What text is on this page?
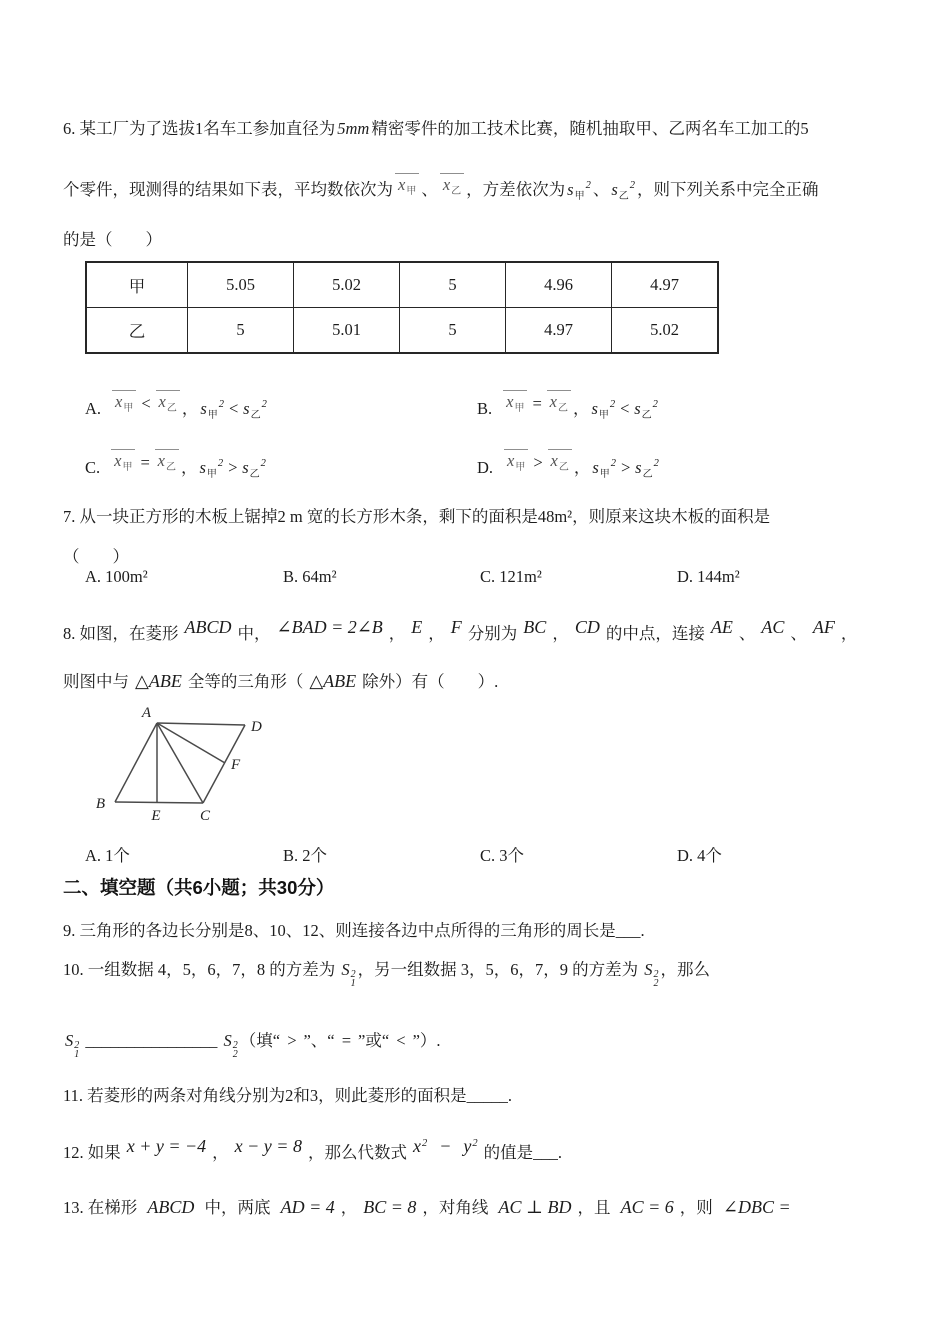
6. 某工厂为了选拔1名车工参加直径为 5mm 精密零件的加工技术比赛，随机抽取甲、乙两名车工加工的5
个零件，现测得的结果如下表，平均数依次为 $x_甲$ 、 $x_乙$ ，方差依次为 $s_甲^2$ 、 $s_乙^2$ ，则下列关系中完全正确
的是（　　）
甲	5.05	5.02	5	4.96	4.97
乙	5	5.01	5	4.97	5.02
A. $x_甲 < x_乙$ ， $s_甲^2 < s_乙^2$	B. $x_甲 = x_乙$ ， $s_甲^2 < s_乙^2$
C. $x_甲 = x_乙$ ， $s_甲^2 > s_乙^2$	D. $x_甲 > x_乙$ ， $s_甲^2 > s_乙^2$
7. 从一块正方形的木板上锯掉2 m 宽的长方形木条，剩下的面积是48m²，则原来这块木板的面积是
（　　）
A. 100m²	B. 64m²	C. 121m²	D. 144m²
8. 如图，在菱形 ABCD 中， ∠BAD = 2∠B ， E ， F 分别为 BC ， CD 的中点，连接 AE 、 AC 、 AF ，
则图中与 △ABE 全等的三角形（ △ABE 除外）有（　　）.
A
B
C
D
E
F
A. 1个	B. 2个	C. 3个	D. 4个
二、填空题（共6小题；共30分）
9. 三角形的各边长分别是8、10、12、则连接各边中点所得的三角形的周长是___.
10. 一组数据 4，5，6，7，8 的方差为 S 2
1
，另一组数据 3，5，6，7，9 的方差为 S 2
2
，那么
S 2
1
________________ S 2
2
（填“ > ”、“ = ”或“ < ”）.
11. 若菱形的两条对角线分别为2和3，则此菱形的面积是_____.
12. 如果 x + y = −4 ， x − y = 8 ，那么代数式 $x^2 - y^2$ 的值是___.
13. 在梯形 ABCD 中，两底 AD = 4 ， BC = 8 ，对角线 AC ⊥ BD ，且 AC = 6 ，则 ∠DBC =
